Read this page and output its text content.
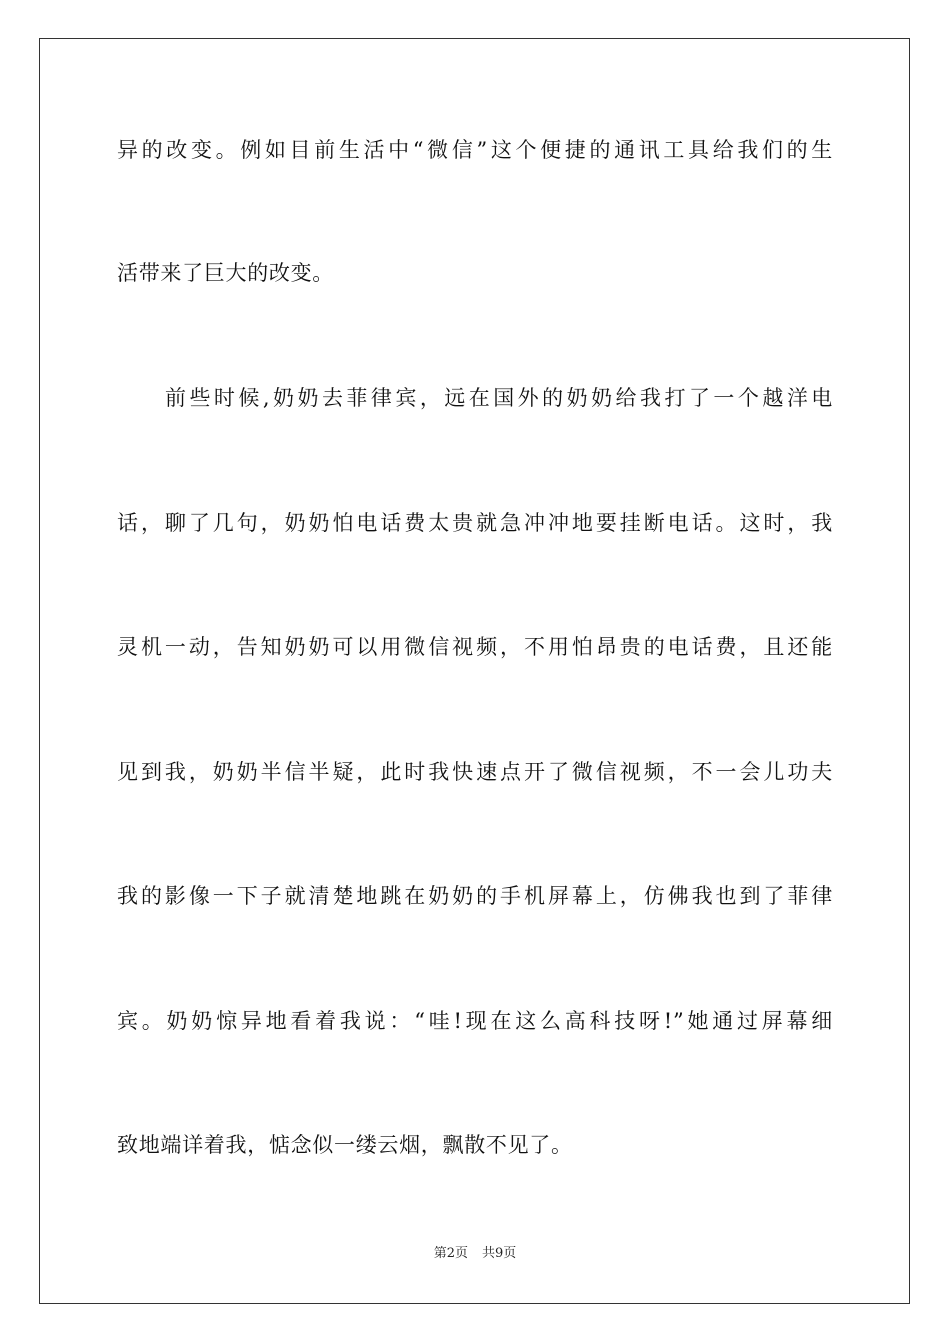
异的改变。例如目前生活中“微信”这个便捷的通讯工具给我们的生
活带来了巨大的改变。
前些时候,奶奶去菲律宾，远在国外的奶奶给我打了一个越洋电
话，聊了几句，奶奶怕电话费太贵就急冲冲地要挂断电话。这时，我
灵机一动，告知奶奶可以用微信视频，不用怕昂贵的电话费，且还能
见到我，奶奶半信半疑，此时我快速点开了微信视频，不一会儿功夫
我的影像一下子就清楚地跳在奶奶的手机屏幕上，仿佛我也到了菲律
宾。奶奶惊异地看着我说：“哇!现在这么高科技呀!”她通过屏幕细
致地端详着我，惦念似一缕云烟，飘散不见了。
第2页 共9页
